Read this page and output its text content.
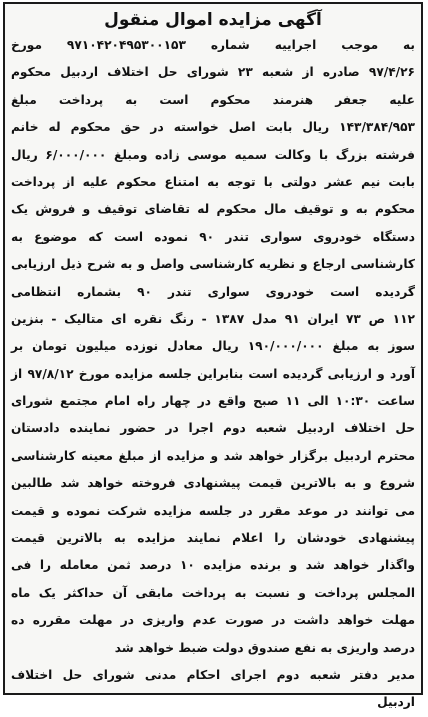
آگهی مزایده اموال منقول
به موجب اجراییه شماره ۹۷۱۰۴۲۰۴۹۵۳۰۰۱۵۳ مورخ
۹۷/۴/۲۶ صادره از شعبه ۲۳ شورای حل اختلاف اردبیل محکوم
علیه جعفر هنرمند محکوم است به پرداخت مبلغ
۱۴۳/۳۸۴/۹۵۳ ریال بابت اصل خواسته در حق محکوم له خانم
فرشته بزرگ با وکالت سمیه موسی زاده ومبلغ ۶/۰۰۰/۰۰۰ ریال
بابت نیم عشر دولتی با توجه به امتناع محکوم علیه از پرداخت
محکوم به و توقیف مال محکوم له تقاضای توقیف و فروش یک
دستگاه خودروی سواری تندر ۹۰ نموده است که موضوع به
کارشناسی ارجاع و نظریه کارشناسی واصل و به شرح ذیل ارزیابی
گردیده است خودروی سواری تندر ۹۰ بشماره انتظامی
۱۱۲ ص ۷۳ ایران ۹۱ مدل ۱۳۸۷ - رنگ نقره ای متالیک - بنزین
سوز به مبلغ ۱۹۰/۰۰۰/۰۰۰ ریال معادل نوزده میلیون تومان بر
آورد و ارزیابی گردیده است بنابراین جلسه مزایده مورخ ۹۷/۸/۱۲ از
ساعت ۱۰:۳۰ الی ۱۱ صبح واقع در چهار راه امام مجتمع شورای
حل اختلاف اردبیل شعبه دوم اجرا در حضور نماینده دادستان
محترم اردبیل برگزار خواهد شد و مزایده از مبلغ معینه کارشناسی
شروع و به بالاترین قیمت پیشنهادی فروخته خواهد شد طالبین
می توانند در موعد مقرر در جلسه مزایده شرکت نموده و قیمت
پیشنهادی خودشان را اعلام نمایند مزایده به بالاترین قیمت
واگذار خواهد شد و برنده مزایده ۱۰ درصد ثمن معامله را فی
المجلس پرداخت و نسبت به پرداخت مابقی آن حداکثر یک ماه
مهلت خواهد داشت در صورت عدم واریزی در مهلت مقرره ده
درصد واریزی به نفع صندوق دولت ضبط خواهد شد
مدیر دفتر شعبه دوم اجرای احکام مدنی شورای حل اختلاف
اردبیل
